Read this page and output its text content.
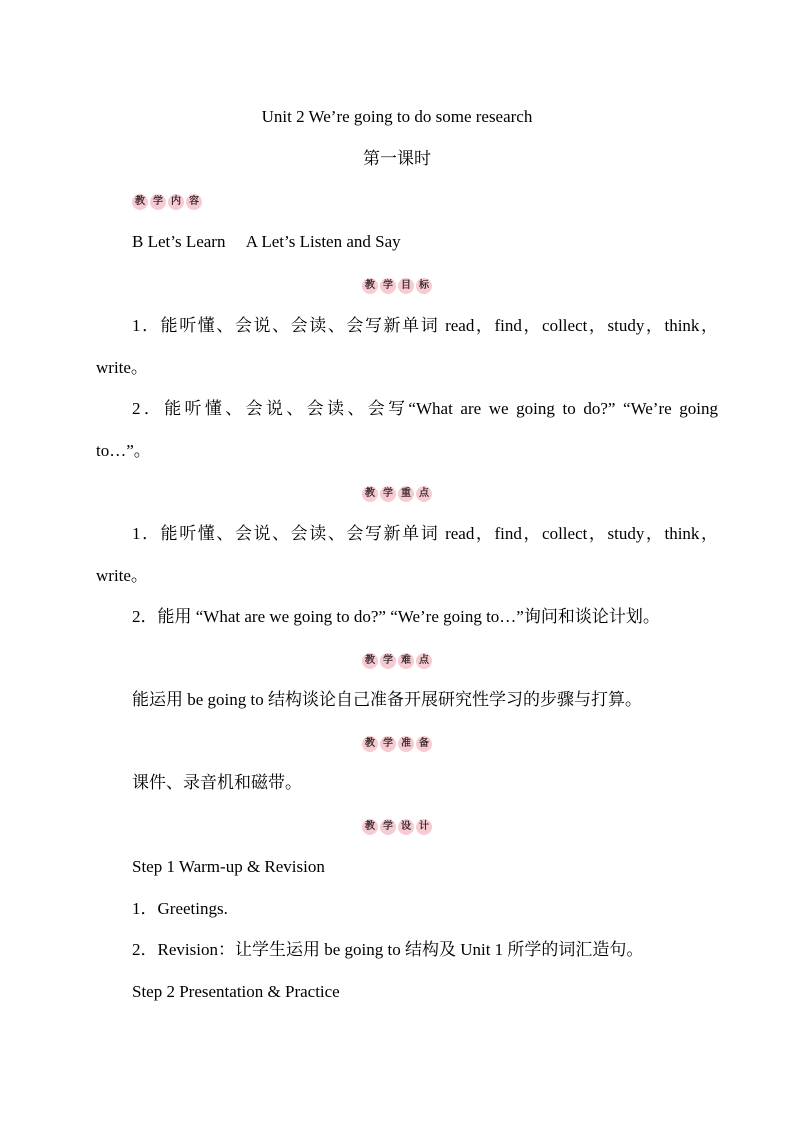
Unit 2 We’re going to do some research
第一课时
教 学 内 容
B Let’s Learn　 A Let’s Listen and Say
教 学 目 标
1．能听懂、会说、会读、会写新单词 read，find，collect，study，think，
write。
2．能听懂、会说、会读、会写“What are we going to do?” “We’re going
to…”。
教 学 重 点
1．能听懂、会说、会读、会写新单词 read，find，collect，study，think，
write。
2．能用 “What are we going to do?” “We’re going to…”询问和谈论计划。
教 学 难 点
能运用 be going to 结构谈论自己准备开展研究性学习的步骤与打算。
教 学 准 备
课件、录音机和磁带。
教 学 设 计
Step 1 Warm-up & Revision
1．Greetings.
2．Revision：让学生运用 be going to 结构及 Unit 1 所学的词汇造句。
Step 2 Presentation & Practice
